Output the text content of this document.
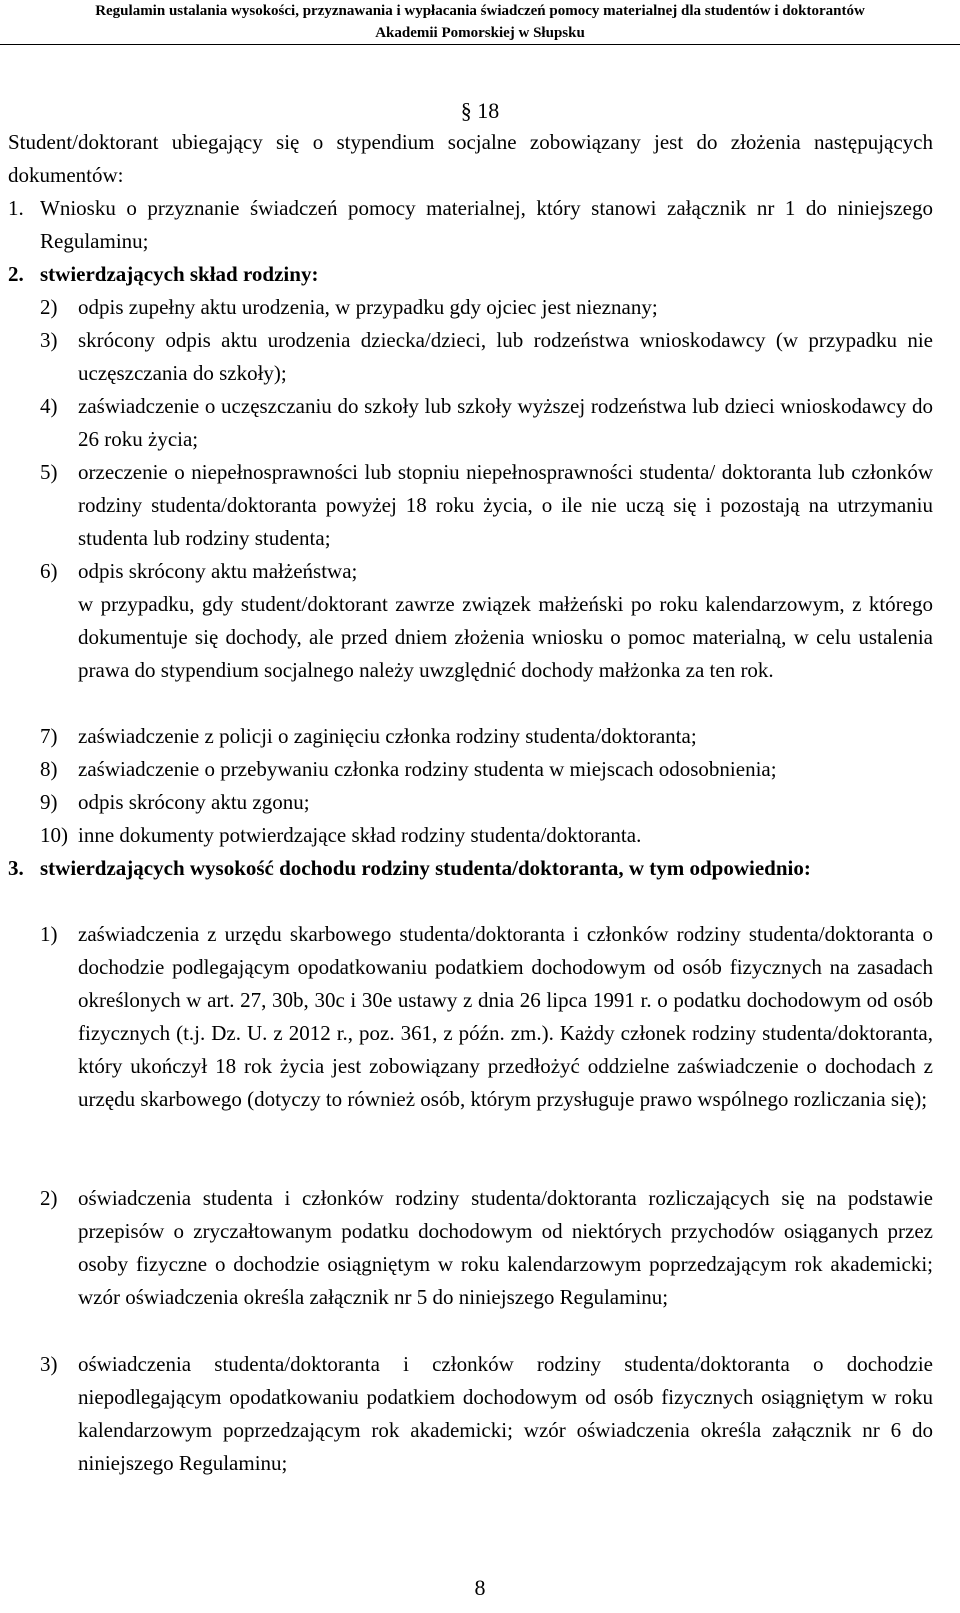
Regulamin ustalania wysokości, przyznawania i wypłacania świadczeń pomocy materialnej dla studentów i doktorantów
Akademii Pomorskiej w Słupsku
§ 18

Student/doktorant ubiegający się o stypendium socjalne zobowiązany jest do złożenia następujących dokumentów:

1. Wniosku o przyznanie świadczeń pomocy materialnej, który stanowi załącznik nr 1 do niniejszego Regulaminu;
2. stwierdzających skład rodziny:
2) odpis zupełny aktu urodzenia, w przypadku gdy ojciec jest nieznany;
3) skrócony odpis aktu urodzenia dziecka/dzieci, lub rodzeństwa wnioskodawcy (w przypadku nie uczęszczania do szkoły);
4) zaświadczenie o uczęszczaniu do szkoły lub szkoły wyższej rodzeństwa lub dzieci wnioskodawcy do 26 roku życia;
5) orzeczenie o niepełnosprawności lub stopniu niepełnosprawności studenta/ doktoranta lub członków rodziny studenta/doktoranta powyżej 18 roku życia, o ile nie uczą się i pozostają na utrzymaniu studenta lub rodziny studenta;
6) odpis skrócony aktu małżeństwa;
w przypadku, gdy student/doktorant zawrze związek małżeński po roku kalendarzowym, z którego dokumentuje się dochody, ale przed dniem złożenia wniosku o pomoc materialną, w celu ustalenia prawa do stypendium socjalnego należy uwzględnić dochody małżonka za ten rok.
7) zaświadczenie z policji o zaginięciu członka rodziny studenta/doktoranta;
8) zaświadczenie o przebywaniu członka rodziny studenta w miejscach odosobnienia;
9) odpis skrócony aktu zgonu;
10) inne dokumenty potwierdzające skład rodziny studenta/doktoranta.
3. stwierdzających wysokość dochodu rodziny studenta/doktoranta, w tym odpowiednio:
1) zaświadczenia z urzędu skarbowego studenta/doktoranta i członków rodziny studenta/doktoranta o dochodzie podlegającym opodatkowaniu podatkiem dochodowym od osób fizycznych na zasadach określonych w art. 27, 30b, 30c i 30e ustawy z dnia 26 lipca 1991 r. o podatku dochodowym od osób fizycznych (t.j. Dz. U. z 2012 r., poz. 361, z późn. zm.). Każdy członek rodziny studenta/doktoranta, który ukończył 18 rok życia jest zobowiązany przedłożyć oddzielne zaświadczenie o dochodach z urzędu skarbowego (dotyczy to również osób, którym przysługuje prawo wspólnego rozliczania się);
2) oświadczenia studenta i członków rodziny studenta/doktoranta rozliczających się na podstawie przepisów o zryczałtowanym podatku dochodowym od niektórych przychodów osiąganych przez osoby fizyczne o dochodzie osiągniętym w roku kalendarzowym poprzedzającym rok akademicki; wzór oświadczenia określa załącznik nr 5 do niniejszego Regulaminu;
3) oświadczenia studenta/doktoranta i członków rodziny studenta/doktoranta o dochodzie niepodlegającym opodatkowaniu podatkiem dochodowym od osób fizycznych osiągniętym w roku kalendarzowym poprzedzającym rok akademicki; wzór oświadczenia określa załącznik nr 6 do niniejszego Regulaminu;
8
